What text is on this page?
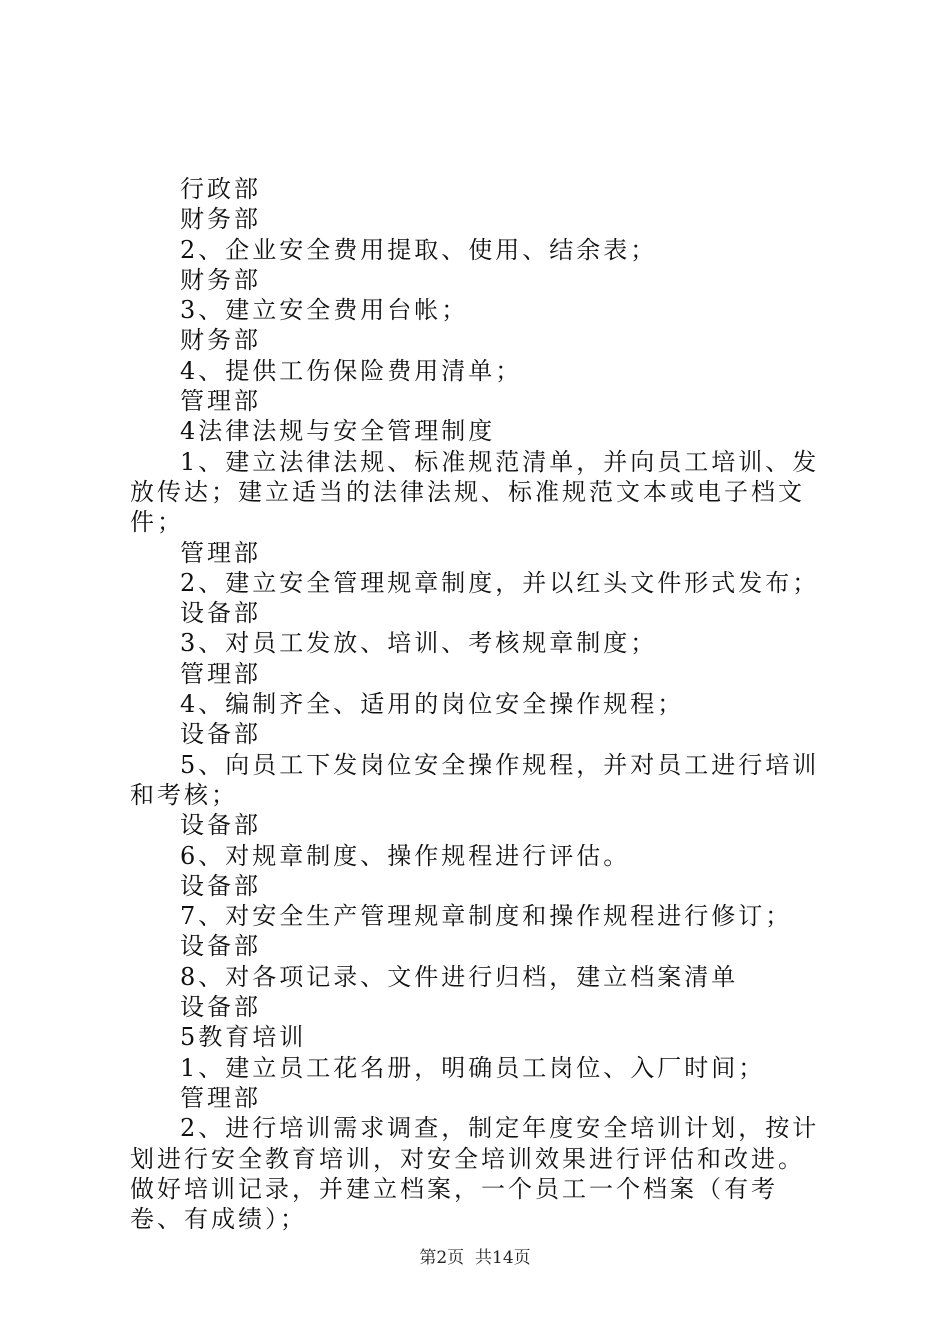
行政部

财务部

2、企业安全费用提取、使用、结余表；

财务部

3、建立安全费用台帐；

财务部

4、提供工伤保险费用清单；

管理部

4法律法规与安全管理制度

1、建立法律法规、标准规范清单，并向员工培训、发放传达；建立适当的法律法规、标准规范文本或电子档文件；

管理部

2、建立安全管理规章制度，并以红头文件形式发布；

设备部

3、对员工发放、培训、考核规章制度；

管理部

4、编制齐全、适用的岗位安全操作规程；

设备部

5、向员工下发岗位安全操作规程，并对员工进行培训和考核；

设备部

6、对规章制度、操作规程进行评估。

设备部

7、对安全生产管理规章制度和操作规程进行修订；

设备部

8、对各项记录、文件进行归档，建立档案清单

设备部

5教育培训

1、建立员工花名册，明确员工岗位、入厂时间；

管理部

2、进行培训需求调查，制定年度安全培训计划，按计划进行安全教育培训，对安全培训效果进行评估和改进。做好培训记录，并建立档案，一个员工一个档案（有考卷、有成绩）；

第2页 共14页
